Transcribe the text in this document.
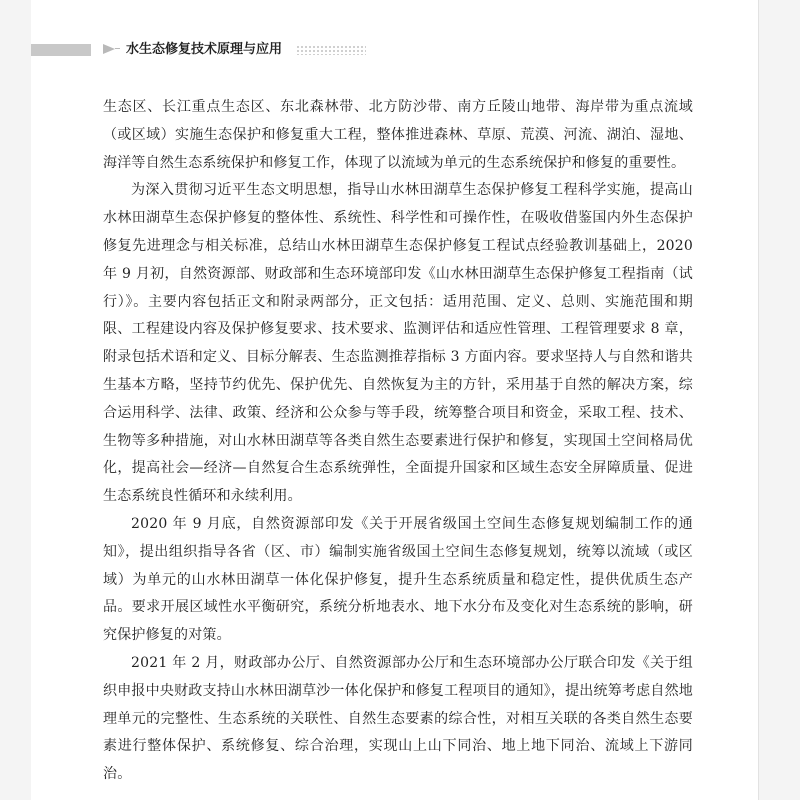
水生态修复技术原理与应用

生态区、长江重点生态区、东北森林带、北方防沙带、南方丘陵山地带、海岸带为重点流域（或区域）实施生态保护和修复重大工程，整体推进森林、草原、荒漠、河流、湖泊、湿地、海洋等自然生态系统保护和修复工作，体现了以流域为单元的生态系统保护和修复的重要性。

为深入贯彻习近平生态文明思想，指导山水林田湖草生态保护修复工程科学实施，提高山水林田湖草生态保护修复的整体性、系统性、科学性和可操作性，在吸收借鉴国内外生态保护修复先进理念与相关标准，总结山水林田湖草生态保护修复工程试点经验教训基础上，2020 年 9 月初，自然资源部、财政部和生态环境部印发《山水林田湖草生态保护修复工程指南（试行）》。主要内容包括正文和附录两部分，正文包括：适用范围、定义、总则、实施范围和期限、工程建设内容及保护修复要求、技术要求、监测评估和适应性管理、工程管理要求 8 章，附录包括术语和定义、目标分解表、生态监测推荐指标 3 方面内容。要求坚持人与自然和谐共生基本方略，坚持节约优先、保护优先、自然恢复为主的方针，采用基于自然的解决方案，综合运用科学、法律、政策、经济和公众参与等手段，统筹整合项目和资金，采取工程、技术、生物等多种措施，对山水林田湖草等各类自然生态要素进行保护和修复，实现国土空间格局优化，提高社会—经济—自然复合生态系统弹性，全面提升国家和区域生态安全屏障质量、促进生态系统良性循环和永续利用。

2020 年 9 月底，自然资源部印发《关于开展省级国土空间生态修复规划编制工作的通知》，提出组织指导各省（区、市）编制实施省级国土空间生态修复规划，统筹以流域（或区域）为单元的山水林田湖草一体化保护修复，提升生态系统质量和稳定性，提供优质生态产品。要求开展区域性水平衡研究，系统分析地表水、地下水分布及变化对生态系统的影响，研究保护修复的对策。

2021 年 2 月，财政部办公厅、自然资源部办公厅和生态环境部办公厅联合印发《关于组织申报中央财政支持山水林田湖草沙一体化保护和修复工程项目的通知》，提出统筹考虑自然地理单元的完整性、生态系统的关联性、自然生态要素的综合性，对相互关联的各类自然生态要素进行整体保护、系统修复、综合治理，实现山上山下同治、地上地下同治、流域上下游同治。
